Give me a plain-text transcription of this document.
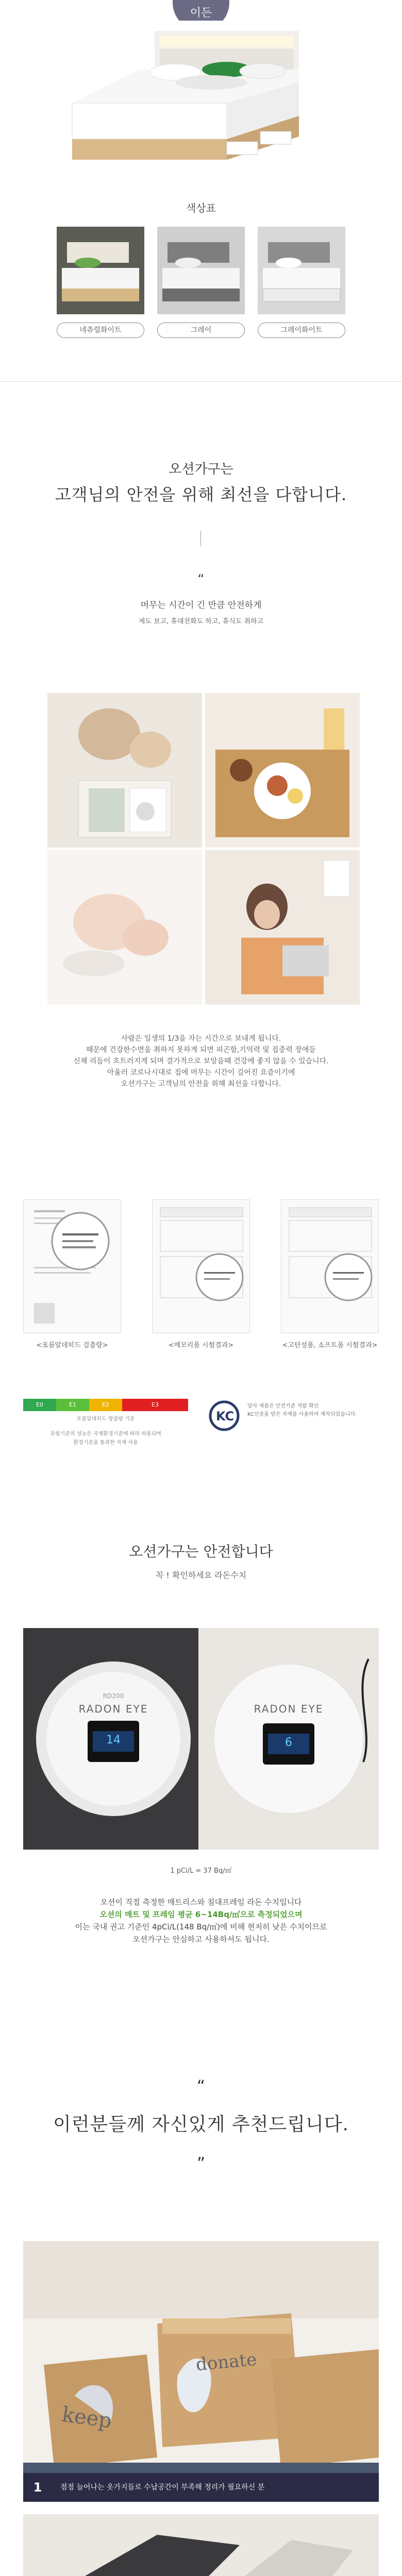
이든
색상표
네츄럴화이트	그레이	그레이화이트
오션가구는
고객님의 안전을 위해 최선을 다합니다.
“
머무는 시간이 긴 만큼 안전하게
제도 보고, 휴대전화도 하고, 휴식도 취하고
사람은 일생의 1/3을 자는 시간으로 보내게 됩니다.
때문에 건강한수면을 취하지 못하게 되면 피곤함,기억력 및 집중력 장애등
신체 리듬이 흐트러지게 되며 결가적으로 보앙을때 건강에 좋지 않을 수 있습니다.
아울러 코로나시대로 집에 머무는 시간이 길어진 요즘이기에
오션가구는 고객님의 안전을 위해 최선을 다합니다.
<포름알데히드 검출량>	<메모리폼 시험결과>	<고탄성폼, 소프트폼 시험결과>
E0	E1	E2	E3
포름알데히드 방출량 기준
유럽기준의 성능은 국제환경기준에 따라 허용되며
환경기준을 통과한 자재 사용
KC
당사 제품은 안전기준 적합 확인
KC인증을 받은 자재를 사용하여 제작되었습니다.
오션가구는 안전합니다
꼭 ! 확인하세요 라돈수치
RD200
RADON EYE
14
RADON EYE
6
1 pCi/L = 37 Bq/㎥
오션이 직접 측정한 매트리스와 침대프레임 라돈 수치입니다
오션의 매트 및 프레임 평균 6~14Bq/㎥으로 측정되었으며
이는 국내 권고 기준인 4pCi/L(148 Bq/㎥)에 비해 현저히 낮은 수치이므로
오션가구는 안심하고 사용하셔도 됩니다.
“
이런분들께 자신있게 추천드립니다.
”
donate
keep
1	점점 늘어나는 옷가지들로 수납공간이 부족해 정리가 필요하신 분
